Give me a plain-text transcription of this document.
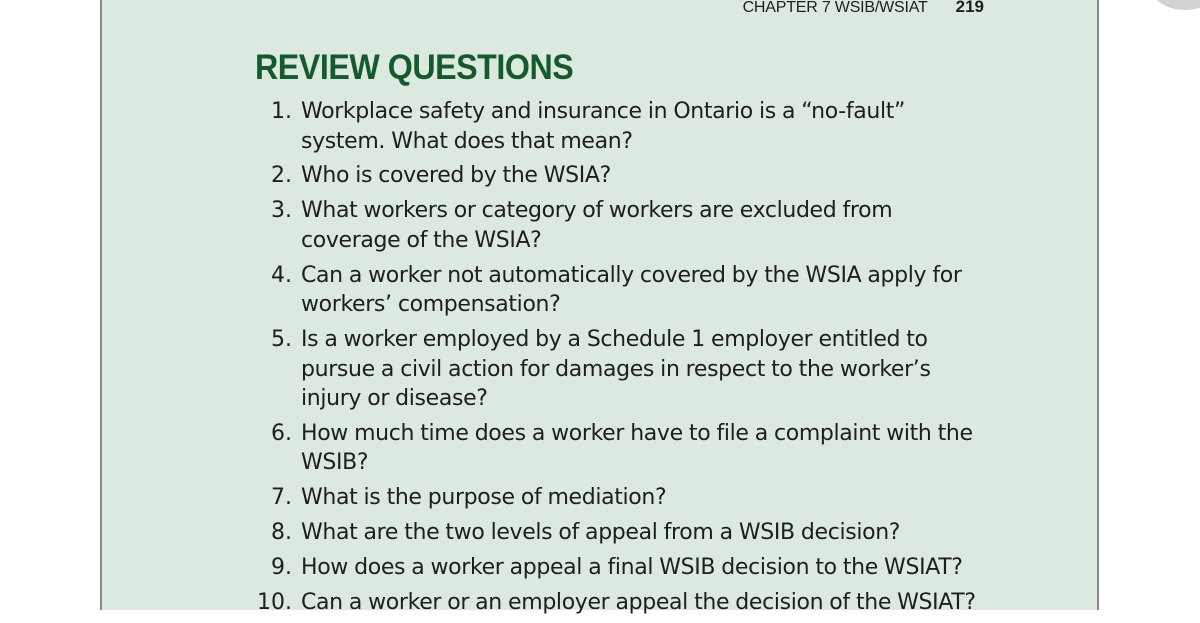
CHAPTER 7 WSIB/WSIAT 219
REVIEW QUESTIONS
1. Workplace safety and insurance in Ontario is a “no-fault” system. What does that mean?
2. Who is covered by the WSIA?
3. What workers or category of workers are excluded from coverage of the WSIA?
4. Can a worker not automatically covered by the WSIA apply for workers’ compensation?
5. Is a worker employed by a Schedule 1 employer entitled to pursue a civil action for damages in respect to the worker’s injury or disease?
6. How much time does a worker have to file a complaint with the WSIB?
7. What is the purpose of mediation?
8. What are the two levels of appeal from a WSIB decision?
9. How does a worker appeal a final WSIB decision to the WSIAT?
10. Can a worker or an employer appeal the decision of the WSIAT?
